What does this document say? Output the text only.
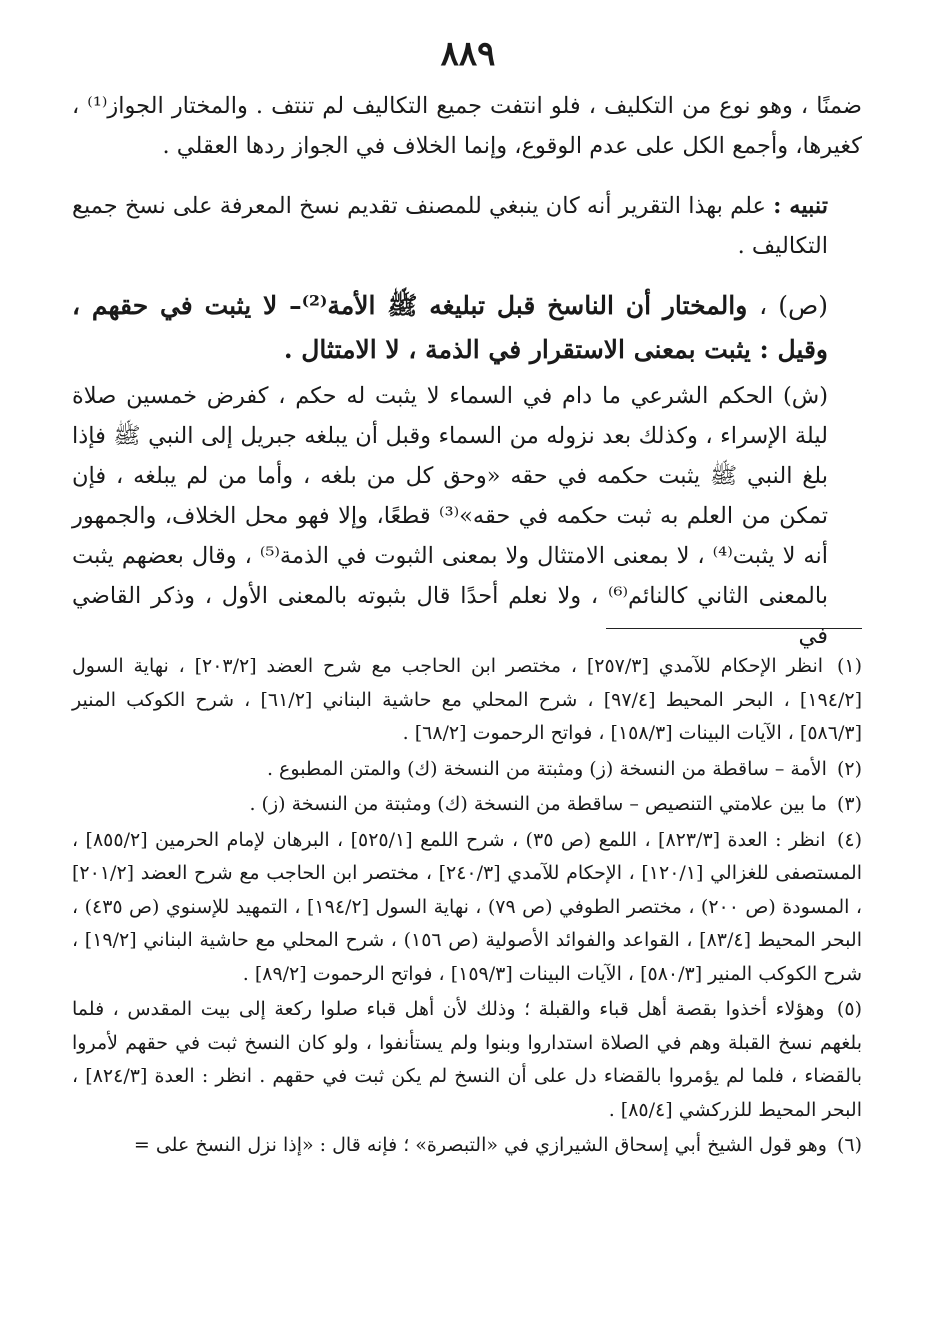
٨٨٩

ضمنًا ، وهو نوع من التكليف ، فلو انتفت جميع التكاليف لم تنتف . والمختار الجواز⁽¹⁾ ، كغيرها، وأجمع الكل على عدم الوقوع، وإنما الخلاف في الجواز ردها العقلي .

تنبيه : علم بهذا التقرير أنه كان ينبغي للمصنف تقديم نسخ المعرفة على نسخ جميع التكاليف .

(ص) ، والمختار أن الناسخ قبل تبليغه ﷺ الأمة⁽²⁾– لا يثبت في حقهم ، وقيل : يثبت بمعنى الاستقرار في الذمة ، لا الامتثال .

(ش) الحكم الشرعي ما دام في السماء لا يثبت له حكم ، كفرض خمسين صلاة ليلة الإسراء ، وكذلك بعد نزوله من السماء وقبل أن يبلغه جبريل إلى النبي ﷺ فإذا بلغ النبي ﷺ يثبت حكمه في حقه «وحق كل من بلغه ، وأما من لم يبلغه ، فإن تمكن من العلم به ثبت حكمه في حقه»⁽³⁾ قطعًا، وإلا فهو محل الخلاف، والجمهور أنه لا يثبت⁽⁴⁾ ، لا بمعنى الامتثال ولا بمعنى الثبوت في الذمة⁽⁵⁾ ، وقال بعضهم يثبت بالمعنى الثاني كالنائم⁽⁶⁾ ، ولا نعلم أحدًا قال بثبوته بالمعنى الأول ، وذكر القاضي في

(١) انظر الإحكام للآمدي [٢٥٧/٣] ، مختصر ابن الحاجب مع شرح العضد [٢٠٣/٢] ، نهاية السول [١٩٤/٢] ، البحر المحيط [٩٧/٤] ، شرح المحلي مع حاشية البناني [٦١/٢] ، شرح الكوكب المنير [٥٨٦/٣] ، الآيات البينات [١٥٨/٣] ، فواتح الرحموت [٦٨/٢] .

(٢) الأمة – ساقطة من النسخة (ز) ومثبتة من النسخة (ك) والمتن المطبوع .

(٣) ما بين علامتي التنصيص – ساقطة من النسخة (ك) ومثبتة من النسخة (ز) .

(٤) انظر : العدة [٨٢٣/٣] ، اللمع (ص ٣٥) ، شرح اللمع [٥٢٥/١] ، البرهان لإمام الحرمين [٨٥٥/٢] ، المستصفى للغزالي [١٢٠/١] ، الإحكام للآمدي [٢٤٠/٣] ، مختصر ابن الحاجب مع شرح العضد [٢٠١/٢] ، المسودة (ص ٢٠٠) ، مختصر الطوفي (ص ٧٩) ، نهاية السول [١٩٤/٢] ، التمهيد للإسنوي (ص ٤٣٥) ، البحر المحيط [٨٣/٤] ، القواعد والفوائد الأصولية (ص ١٥٦) ، شرح المحلي مع حاشية البناني [١٩/٢] ، شرح الكوكب المنير [٥٨٠/٣] ، الآيات البينات [١٥٩/٣] ، فواتح الرحموت [٨٩/٢] .

(٥) وهؤلاء أخذوا بقصة أهل قباء والقبلة ؛ وذلك لأن أهل قباء صلوا ركعة إلى بيت المقدس ، فلما بلغهم نسخ القبلة وهم في الصلاة استداروا وبنوا ولم يستأنفوا ، ولو كان النسخ ثبت في حقهم لأمروا بالقضاء ، فلما لم يؤمروا بالقضاء دل على أن النسخ لم يكن ثبت في حقهم . انظر : العدة [٨٢٤/٣] ، البحر المحيط للزركشي [٨٥/٤] .

(٦) وهو قول الشيخ أبي إسحاق الشيرازي في «التبصرة» ؛ فإنه قال : «إذا نزل النسخ على =
